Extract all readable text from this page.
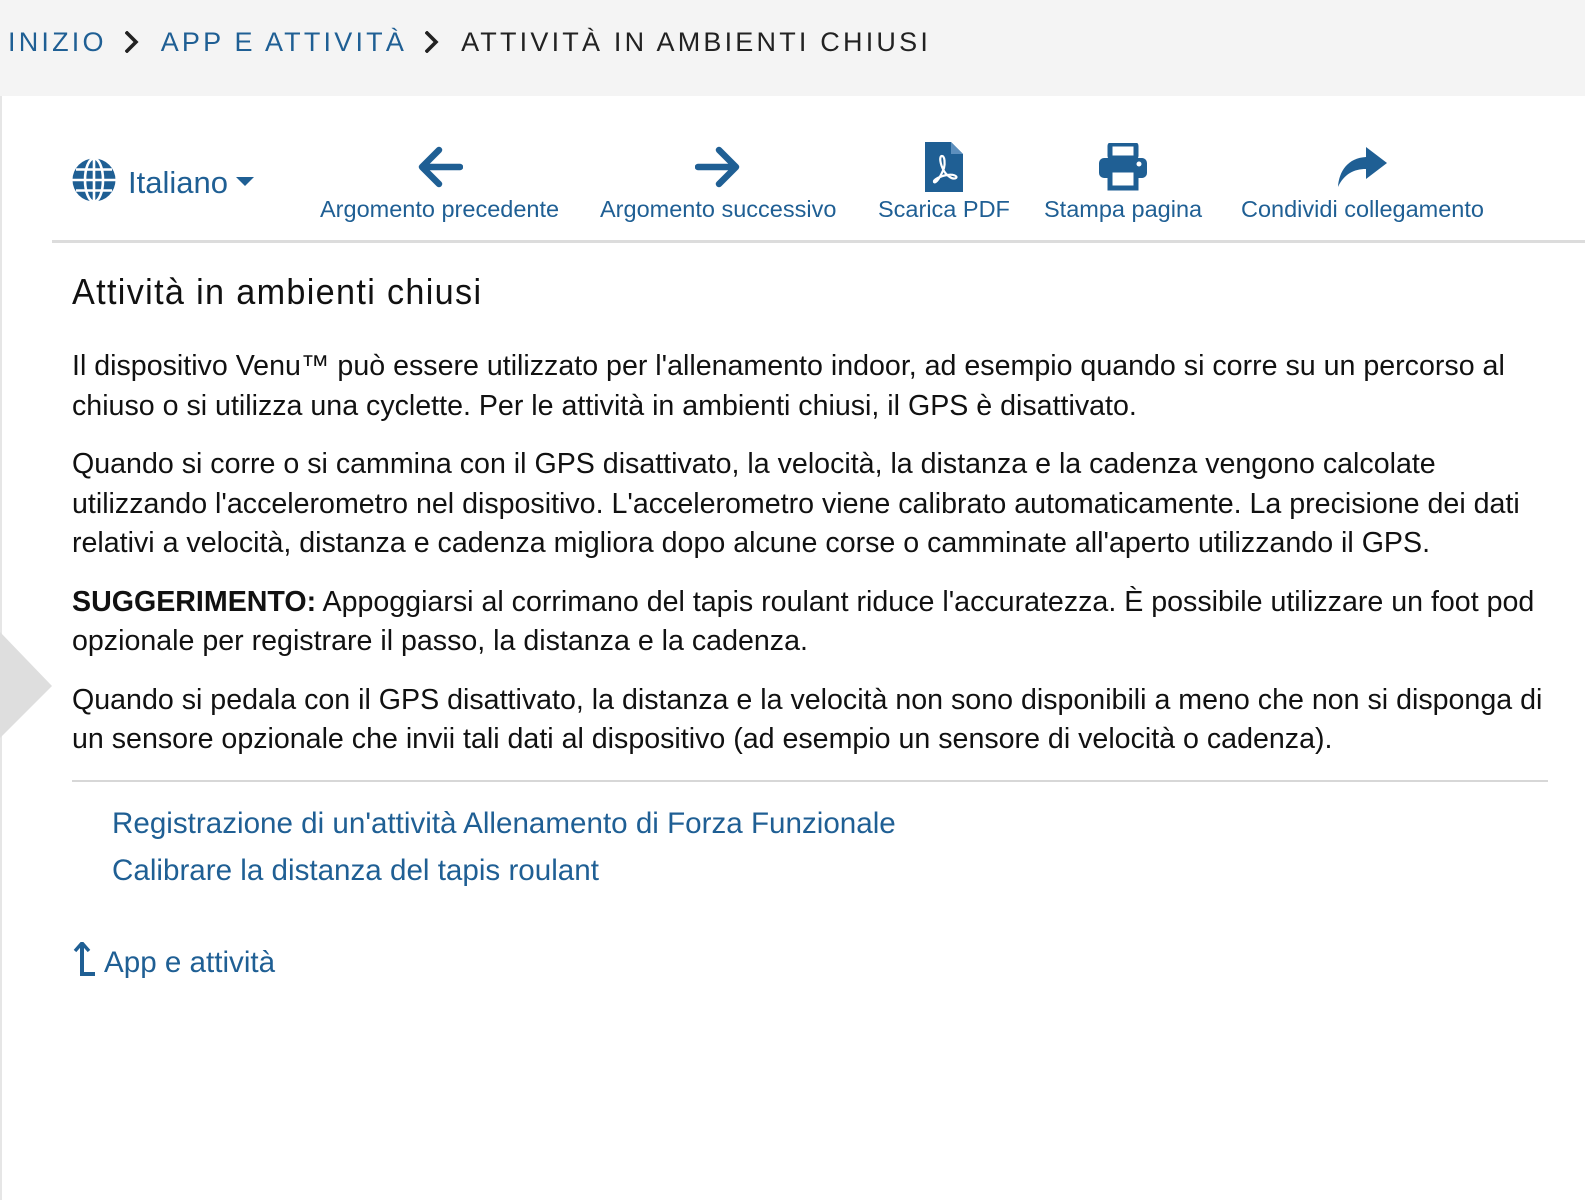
INIZIO APP E ATTIVITÀ ATTIVITÀ IN AMBIENTI CHIUSI
Italiano
Argomento precedente Argomento successivo Scarica PDF Stampa pagina Condividi collegamento
Attività in ambienti chiusi

Il dispositivo Venu™ può essere utilizzato per l'allenamento indoor, ad esempio quando si corre su un percorso al chiuso o si utilizza una cyclette. Per le attività in ambienti chiusi, il GPS è disattivato.

Quando si corre o si cammina con il GPS disattivato, la velocità, la distanza e la cadenza vengono calcolate utilizzando l'accelerometro nel dispositivo. L'accelerometro viene calibrato automaticamente. La precisione dei dati relativi a velocità, distanza e cadenza migliora dopo alcune corse o camminate all'aperto utilizzando il GPS.

SUGGERIMENTO: Appoggiarsi al corrimano del tapis roulant riduce l'accuratezza. È possibile utilizzare un foot pod opzionale per registrare il passo, la distanza e la cadenza.

Quando si pedala con il GPS disattivato, la distanza e la velocità non sono disponibili a meno che non si disponga di un sensore opzionale che invii tali dati al dispositivo (ad esempio un sensore di velocità o cadenza).

Registrazione di un'attività Allenamento di Forza Funzionale
Calibrare la distanza del tapis roulant
App e attività
